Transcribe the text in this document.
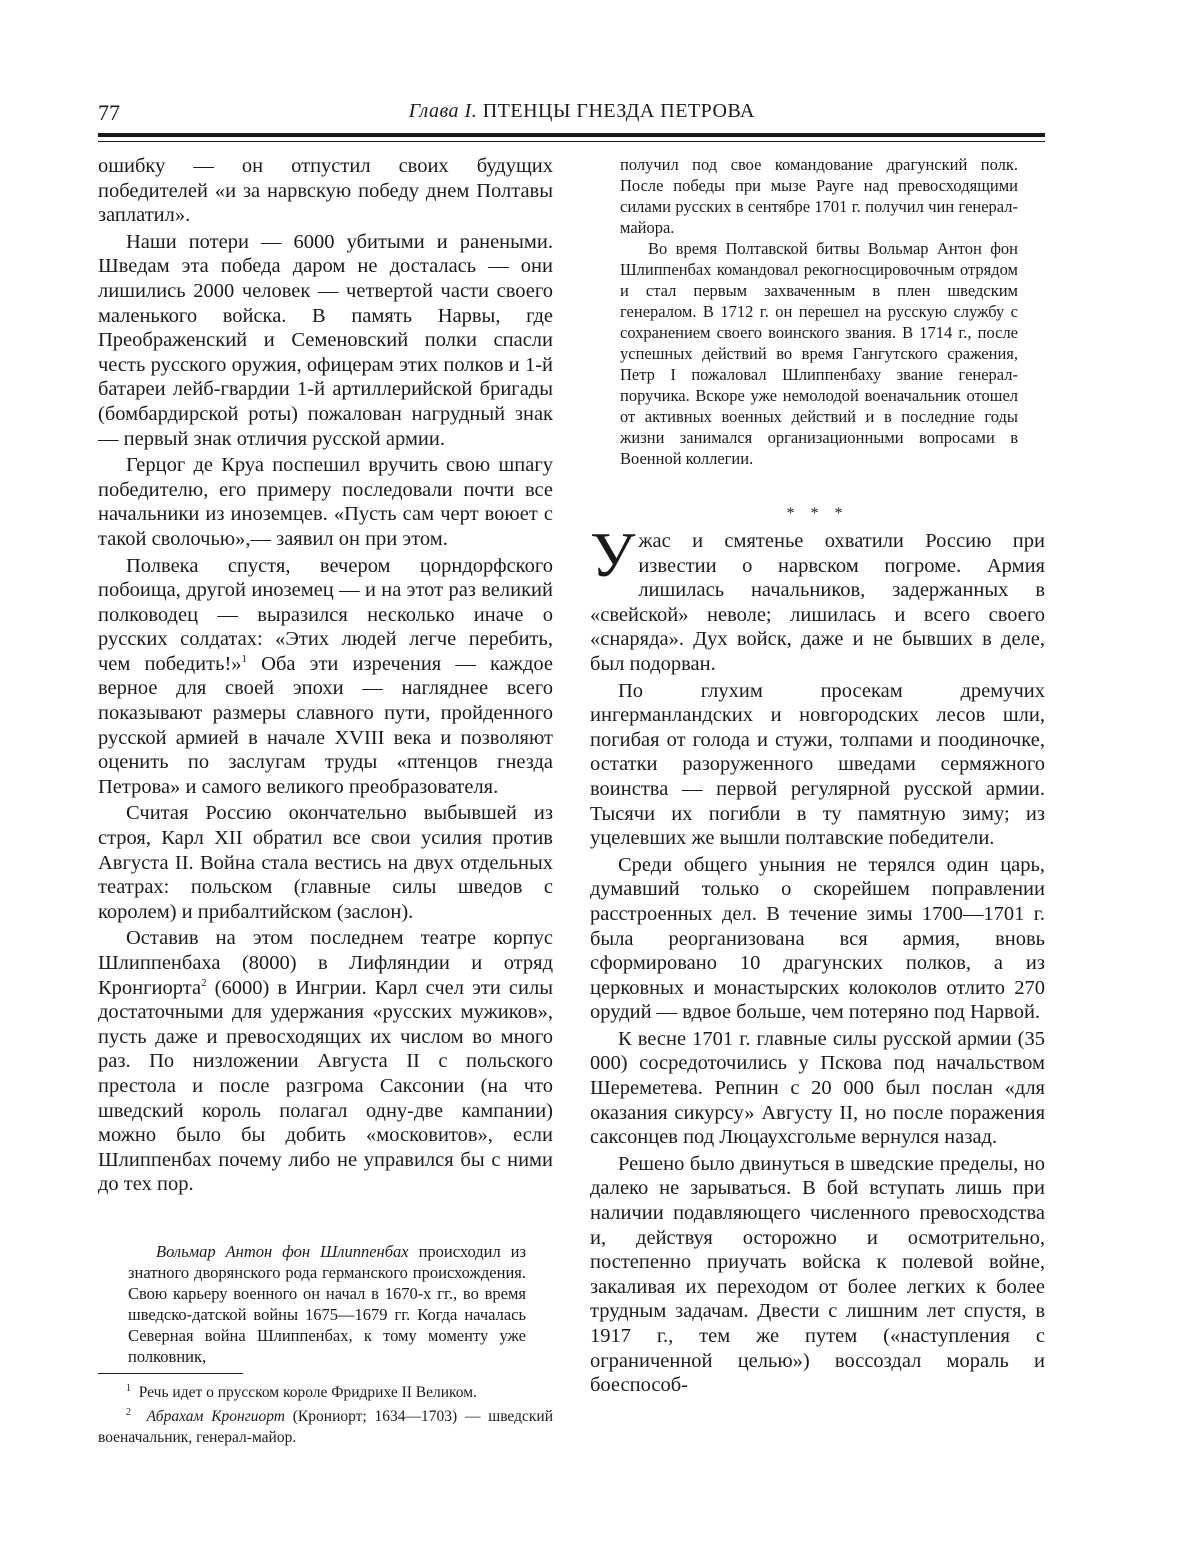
77	Глава I. ПТЕНЦЫ ГНЕЗДА ПЕТРОВА

ошибку — он отпустил своих будущих победителей «и за нарвскую победу днем Полтавы заплатил».

Наши потери — 6000 убитыми и ранеными. Шведам эта победа даром не досталась — они лишились 2000 человек — четвертой части своего маленького войска. В память Нарвы, где Преображенский и Семеновский полки спасли честь русского оружия, офицерам этих полков и 1-й батареи лейб-гвардии 1-й артиллерийской бригады (бомбардирской роты) пожалован нагрудный знак — первый знак отличия русской армии.

Герцог де Круа поспешил вручить свою шпагу победителю, его примеру последовали почти все начальники из иноземцев. «Пусть сам черт воюет с такой сволочью»,— заявил он при этом.

Полвека спустя, вечером цорндорфского побоища, другой иноземец — и на этот раз великий полководец — выразился несколько иначе о русских солдатах: «Этих людей легче перебить, чем победить!»$^1$ Оба эти изречения — каждое верное для своей эпохи — нагляднее всего показывают размеры славного пути, пройденного русской армией в начале XVIII века и позволяют оценить по заслугам труды «птенцов гнезда Петрова» и самого великого преобразователя.

Считая Россию окончательно выбывшей из строя, Карл XII обратил все свои усилия против Августа II. Война стала вестись на двух отдельных театрах: польском (главные силы шведов с королем) и прибалтийском (заслон).

Оставив на этом последнем театре корпус Шлиппенбаха (8000) в Лифляндии и отряд Кронгиорта$^2$ (6000) в Ингрии. Карл счел эти силы достаточными для удержания «русских мужиков», пусть даже и превосходящих их числом во много раз. По низложении Августа II с польского престола и после разгрома Саксонии (на что шведский король полагал одну-две кампании) можно было бы добить «московитов», если Шлиппенбах почему либо не управился бы с ними до тех пор.

Вольмар Антон фон Шлиппенбах происходил из знатного дворянского рода германского происхождения. Свою карьеру военного он начал в 1670-х гг., во время шведско-датской войны 1675—1679 гг. Когда началась Северная война Шлиппенбах, к тому моменту уже полковник,

$^1$ Речь идет о прусском короле Фридрихе II Великом.

$^2$ Абрахам Кронгиорт (Крониорт; 1634—1703) — шведский военачальник, генерал-майор.

получил под свое командование драгунский полк. После победы при мызе Рауге над превосходящими силами русских в сентябре 1701 г. получил чин генерал-майора.

Во время Полтавской битвы Вольмар Антон фон Шлиппенбах командовал рекогносцировочным отрядом и стал первым захваченным в плен шведским генералом. В 1712 г. он перешел на русскую службу с сохранением своего воинского звания. В 1714 г., после успешных действий во время Гангутского сражения, Петр I пожаловал Шлиппенбаху звание генерал-поручика. Вскоре уже немолодой военачальник отошел от активных военных действий и в последние годы жизни занимался организационными вопросами в Военной коллегии.

* * *

Ужас и смятенье охватили Россию при известии о нарвском погроме. Армия лишилась начальников, задержанных в «свейской» неволе; лишилась и всего своего «снаряда». Дух войск, даже и не бывших в деле, был подорван.

По глухим просекам дремучих ингерманландских и новгородских лесов шли, погибая от голода и стужи, толпами и поодиночке, остатки разоруженного шведами сермяжного воинства — первой регулярной русской армии. Тысячи их погибли в ту памятную зиму; из уцелевших же вышли полтавские победители.

Среди общего уныния не терялся один царь, думавший только о скорейшем поправлении расстроенных дел. В течение зимы 1700—1701 г. была реорганизована вся армия, вновь сформировано 10 драгунских полков, а из церковных и монастырских колоколов отлито 270 орудий — вдвое больше, чем потеряно под Нарвой.

К весне 1701 г. главные силы русской армии (35 000) сосредоточились у Пскова под начальством Шереметева. Репнин с 20 000 был послан «для оказания сикурсу» Августу II, но после поражения саксонцев под Люцаухсгольме вернулся назад.

Решено было двинуться в шведские пределы, но далеко не зарываться. В бой вступать лишь при наличии подавляющего численного превосходства и, действуя осторожно и осмотрительно, постепенно приучать войска к полевой войне, закаливая их переходом от более легких к более трудным задачам. Двести с лишним лет спустя, в 1917 г., тем же путем («наступления с ограниченной целью») воссоздал мораль и боеспособ-
